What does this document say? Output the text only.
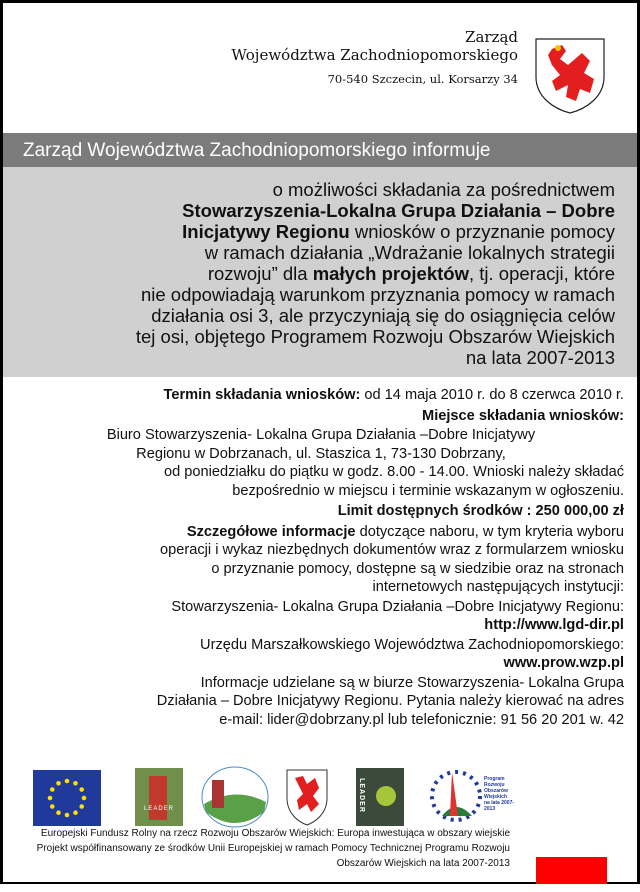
Zarząd
Województwa Zachodniopomorskiego
70-540 Szczecin, ul. Korsarzy 34
Zarząd Województwa Zachodniopomorskiego informuje
o możliwości składania za pośrednictwem
Stowarzyszenia-Lokalna Grupa Działania – Dobre
Inicjatywy Regionu wniosków o przyznanie pomocy
w ramach działania „Wdrażanie lokalnych strategii
rozwoju” dla małych projektów, tj. operacji, które
nie odpowiadają warunkom przyznania pomocy w ramach
działania osi 3, ale przyczyniają się do osiągnięcia celów
tej osi, objętego Programem Rozwoju Obszarów Wiejskich
na lata 2007-2013
Termin składania wniosków: od 14 maja 2010 r. do 8 czerwca 2010 r.
Miejsce składania wniosków:
Biuro Stowarzyszenia- Lokalna Grupa Działania –Dobre Inicjatywy
Regionu w Dobrzanach, ul. Staszica 1, 73-130 Dobrzany,
od poniedziałku do piątku w godz. 8.00 - 14.00. Wnioski należy składać
bezpośrednio w miejscu i terminie wskazanym w ogłoszeniu.
Limit dostępnych środków : 250 000,00 zł
Szczegółowe informacje dotyczące naboru, w tym kryteria wyboru
operacji i wykaz niezbędnych dokumentów wraz z formularzem wniosku
o przyznanie pomocy, dostępne są w siedzibie oraz na stronach
internetowych następujących instytucji:
Stowarzyszenia- Lokalna Grupa Działania –Dobre Inicjatywy Regionu:
http://www.lgd-dir.pl
Urzędu Marszałkowskiego Województwa Zachodniopomorskiego:
www.prow.wzp.pl
Informacje udzielane są w biurze Stowarzyszenia- Lokalna Grupa
Działania – Dobre Inicjatywy Regionu. Pytania należy kierować na adres
e-mail: lider@dobrzany.pl lub telefonicznie: 91 56 20 201 w. 42
LEADER	LEADER	Program
Rozwoju
Obszarów
Wiejskich
na lata 2007-2013
Europejski Fundusz Rolny na rzecz Rozwoju Obszarów Wiejskich: Europa inwestująca w obszary wiejskie
Projekt współfinansowany ze środków Unii Europejskiej w ramach Pomocy Technicznej Programu Rozwoju
Obszarów Wiejskich na lata 2007-2013
